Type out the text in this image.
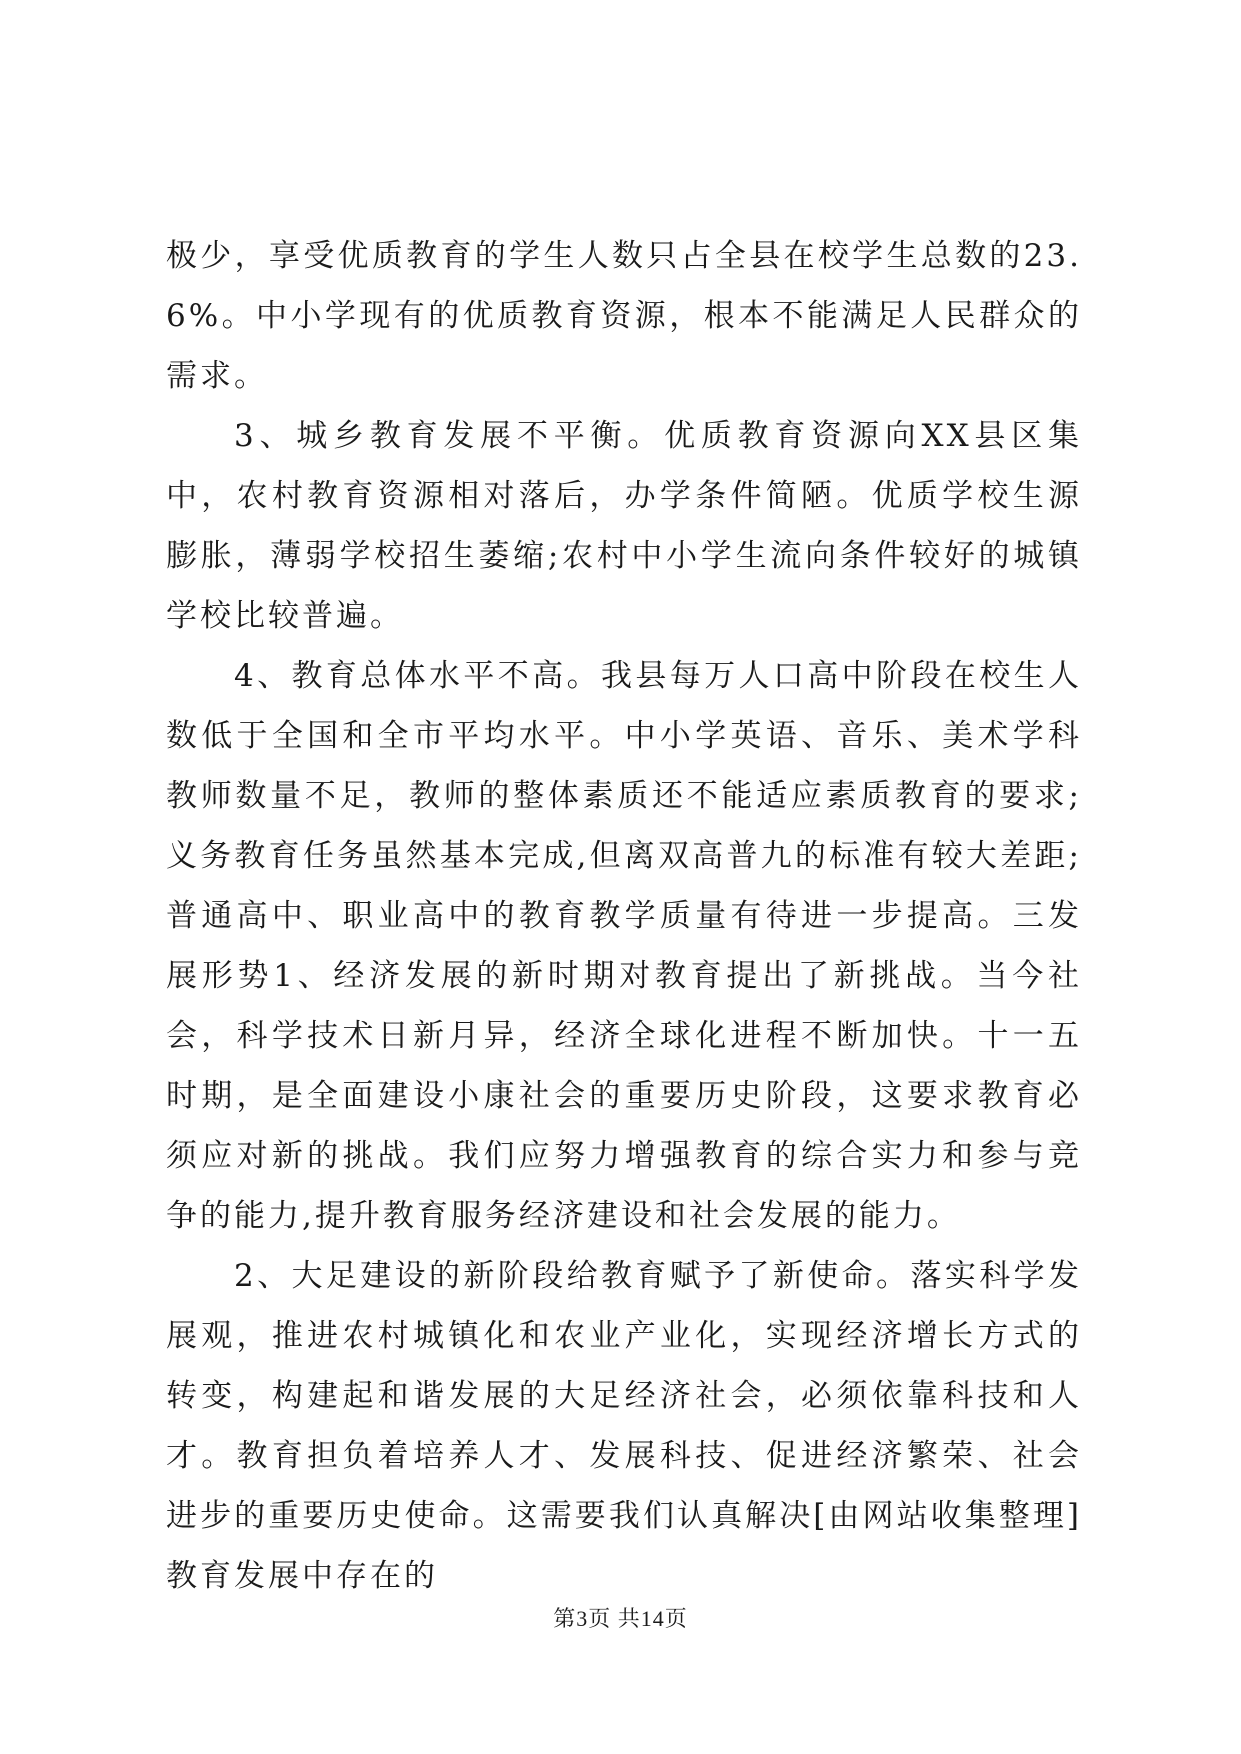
极少，享受优质教育的学生人数只占全县在校学生总数的23.6%。中小学现有的优质教育资源，根本不能满足人民群众的需求。

3、城乡教育发展不平衡。优质教育资源向XX县区集中，农村教育资源相对落后，办学条件简陋。优质学校生源膨胀，薄弱学校招生萎缩;农村中小学生流向条件较好的城镇学校比较普遍。

4、教育总体水平不高。我县每万人口高中阶段在校生人数低于全国和全市平均水平。中小学英语、音乐、美术学科教师数量不足，教师的整体素质还不能适应素质教育的要求;义务教育任务虽然基本完成,但离双高普九的标准有较大差距;普通高中、职业高中的教育教学质量有待进一步提高。三发展形势1、经济发展的新时期对教育提出了新挑战。当今社会，科学技术日新月异，经济全球化进程不断加快。十一五时期，是全面建设小康社会的重要历史阶段，这要求教育必须应对新的挑战。我们应努力增强教育的综合实力和参与竞争的能力,提升教育服务经济建设和社会发展的能力。

2、大足建设的新阶段给教育赋予了新使命。落实科学发展观，推进农村城镇化和农业产业化，实现经济增长方式的转变，构建起和谐发展的大足经济社会，必须依靠科技和人才。教育担负着培养人才、发展科技、促进经济繁荣、社会进步的重要历史使命。这需要我们认真解决[由网站收集整理]教育发展中存在的

第3页 共14页
